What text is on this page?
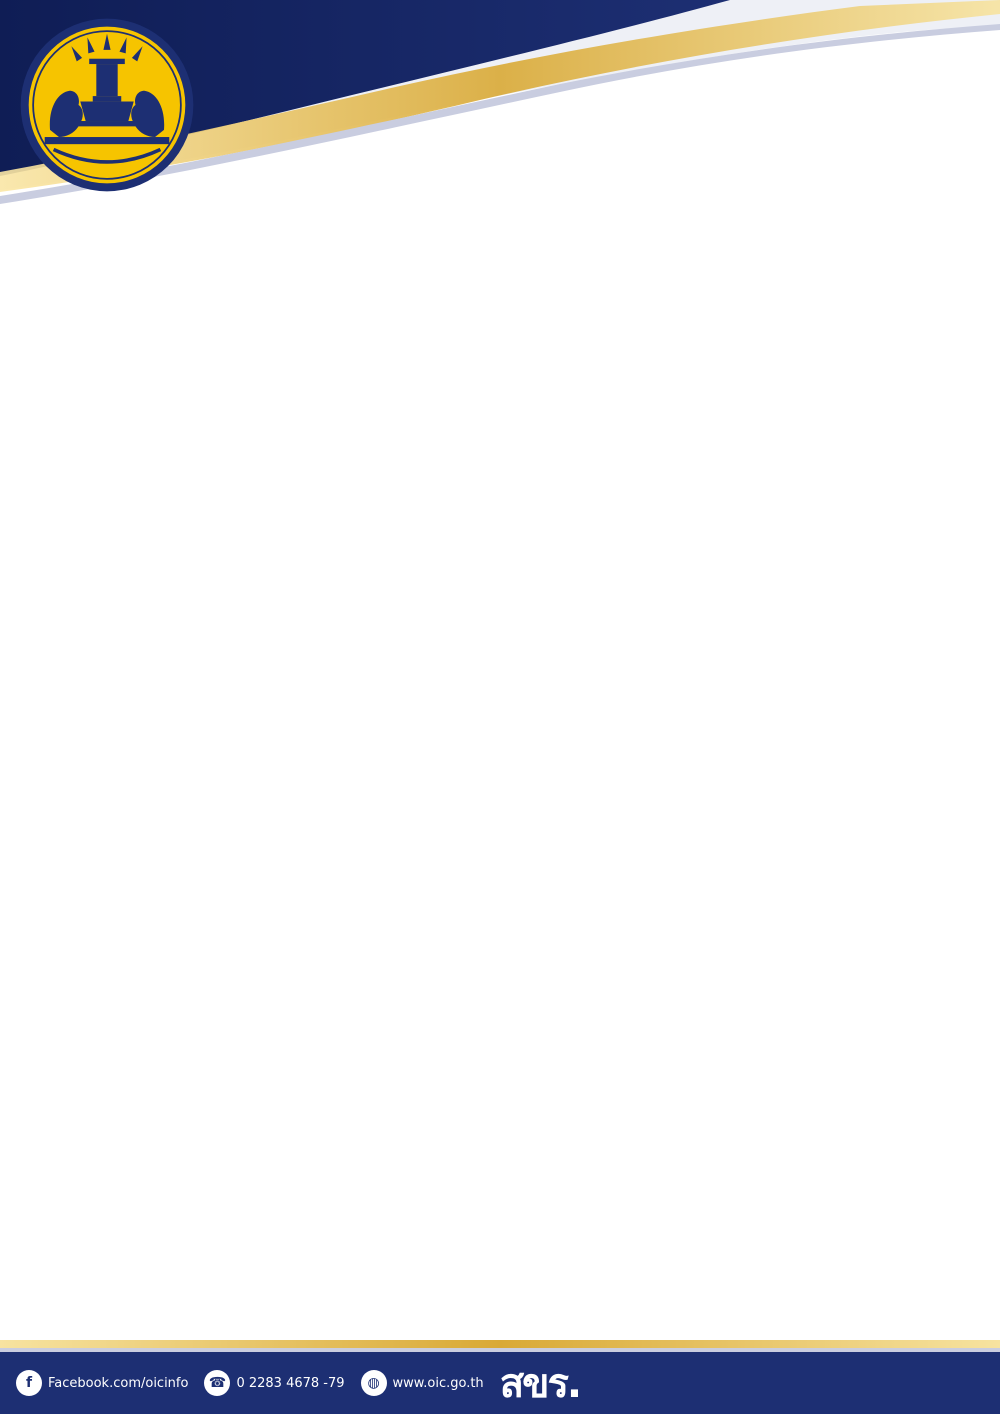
f	Facebook.com/oicinfo	☎ 0 2283 4678 -79	◍ www.oic.go.th สขร.
